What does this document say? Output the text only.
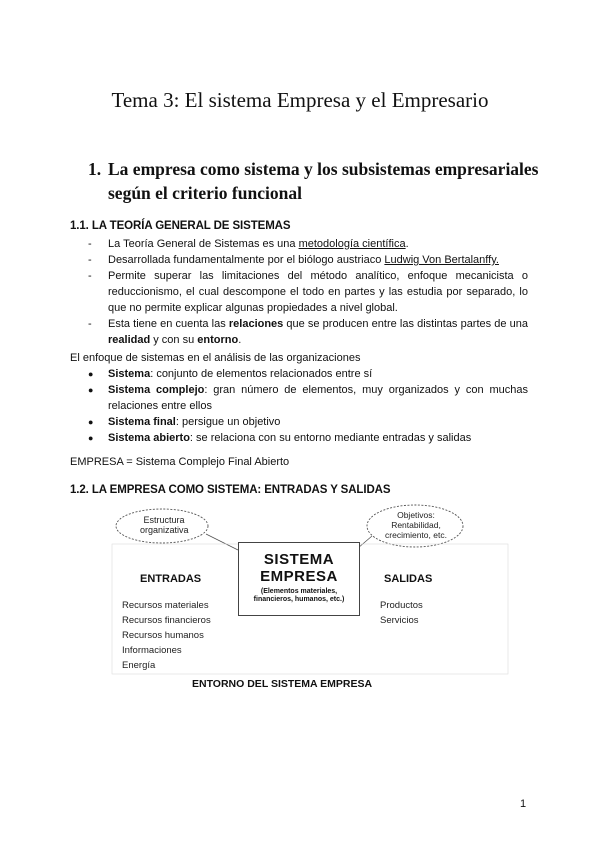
Tema 3: El sistema Empresa y el Empresario
1. La empresa como sistema y los subsistemas empresariales según el criterio funcional
1.1. LA TEORÍA GENERAL DE SISTEMAS
- La Teoría General de Sistemas es una metodología científica.
- Desarrollada fundamentalmente por el biólogo austriaco Ludwig Von Bertalanffy.
- Permite superar las limitaciones del método analítico, enfoque mecanicista o reduccionismo, el cual descompone el todo en partes y las estudia por separado, lo que no permite explicar algunas propiedades a nivel global.
- Esta tiene en cuenta las relaciones que se producen entre las distintas partes de una realidad y con su entorno.

El enfoque de sistemas en el análisis de las organizaciones

● Sistema: conjunto de elementos relacionados entre sí
● Sistema complejo: gran número de elementos, muy organizados y con muchas relaciones entre ellos
● Sistema final: persigue un objetivo
● Sistema abierto: se relaciona con su entorno mediante entradas y salidas

EMPRESA = Sistema Complejo Final Abierto

1.2. LA EMPRESA COMO SISTEMA: ENTRADAS Y SALIDAS
Estructura
organizativa
Objetivos:
Rentabilidad,
crecimiento, etc.
SISTEMA
EMPRESA
(Elementos materiales,
financieros, humanos, etc.)
ENTRADAS
Recursos materiales
Recursos financieros
Recursos humanos
Informaciones
Energía
SALIDAS
Productos
Servicios
ENTORNO DEL SISTEMA EMPRESA
1
